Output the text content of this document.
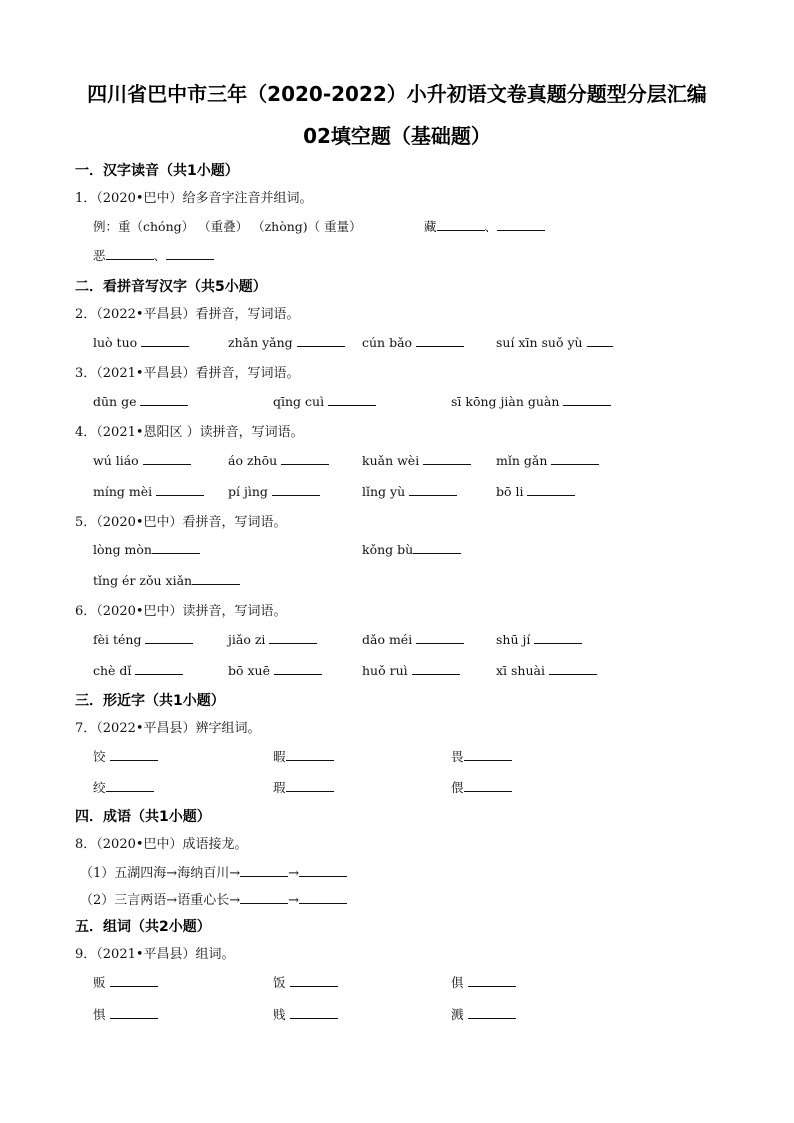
四川省巴中市三年（2020-2022）小升初语文卷真题分题型分层汇编
02填空题（基础题）
一．汉字读音（共1小题）
1．（2020•巴中）给多音字注音并组词。
例：重（chóng） （重叠） （zhòng)（ 重量）	藏	、
恶	、
二．看拼音写汉字（共5小题）
2．（2022•平昌县）看拼音，写词语。
luò tuo	zhǎn yǎng	cún bǎo	suí xīn suǒ yù
3．（2021•平昌县）看拼音，写词语。
dūn ge	qīng cuì	sī kōng jiàn guàn
4．（2021•恩阳区 ）读拼音，写词语。
wú liáo	áo zhōu	kuǎn wèi	mǐn gǎn
míng mèi	pí jìng	lǐng yù	bō li
5．（2020•巴中）看拼音，写词语。
lòng mòn	kǒng bù
tǐng ér zǒu xiǎn
6．（2020•巴中）读拼音，写词语。
fèi téng	jiǎo zi	dǎo méi	shū jí
chè dǐ	bō xuē	huǒ ruì	xī shuài
三．形近字（共1小题）
7．（2022•平昌县）辨字组词。
饺	暇	畏
绞	瑕	偎
四．成语（共1小题）
8．（2020•巴中）成语接龙。
（1）五湖四海→海纳百川→	→
（2）三言两语→语重心长→	→
五．组词（共2小题）
9．（2021•平昌县）组词。
贩	饭	俱
惧	贱	溅
